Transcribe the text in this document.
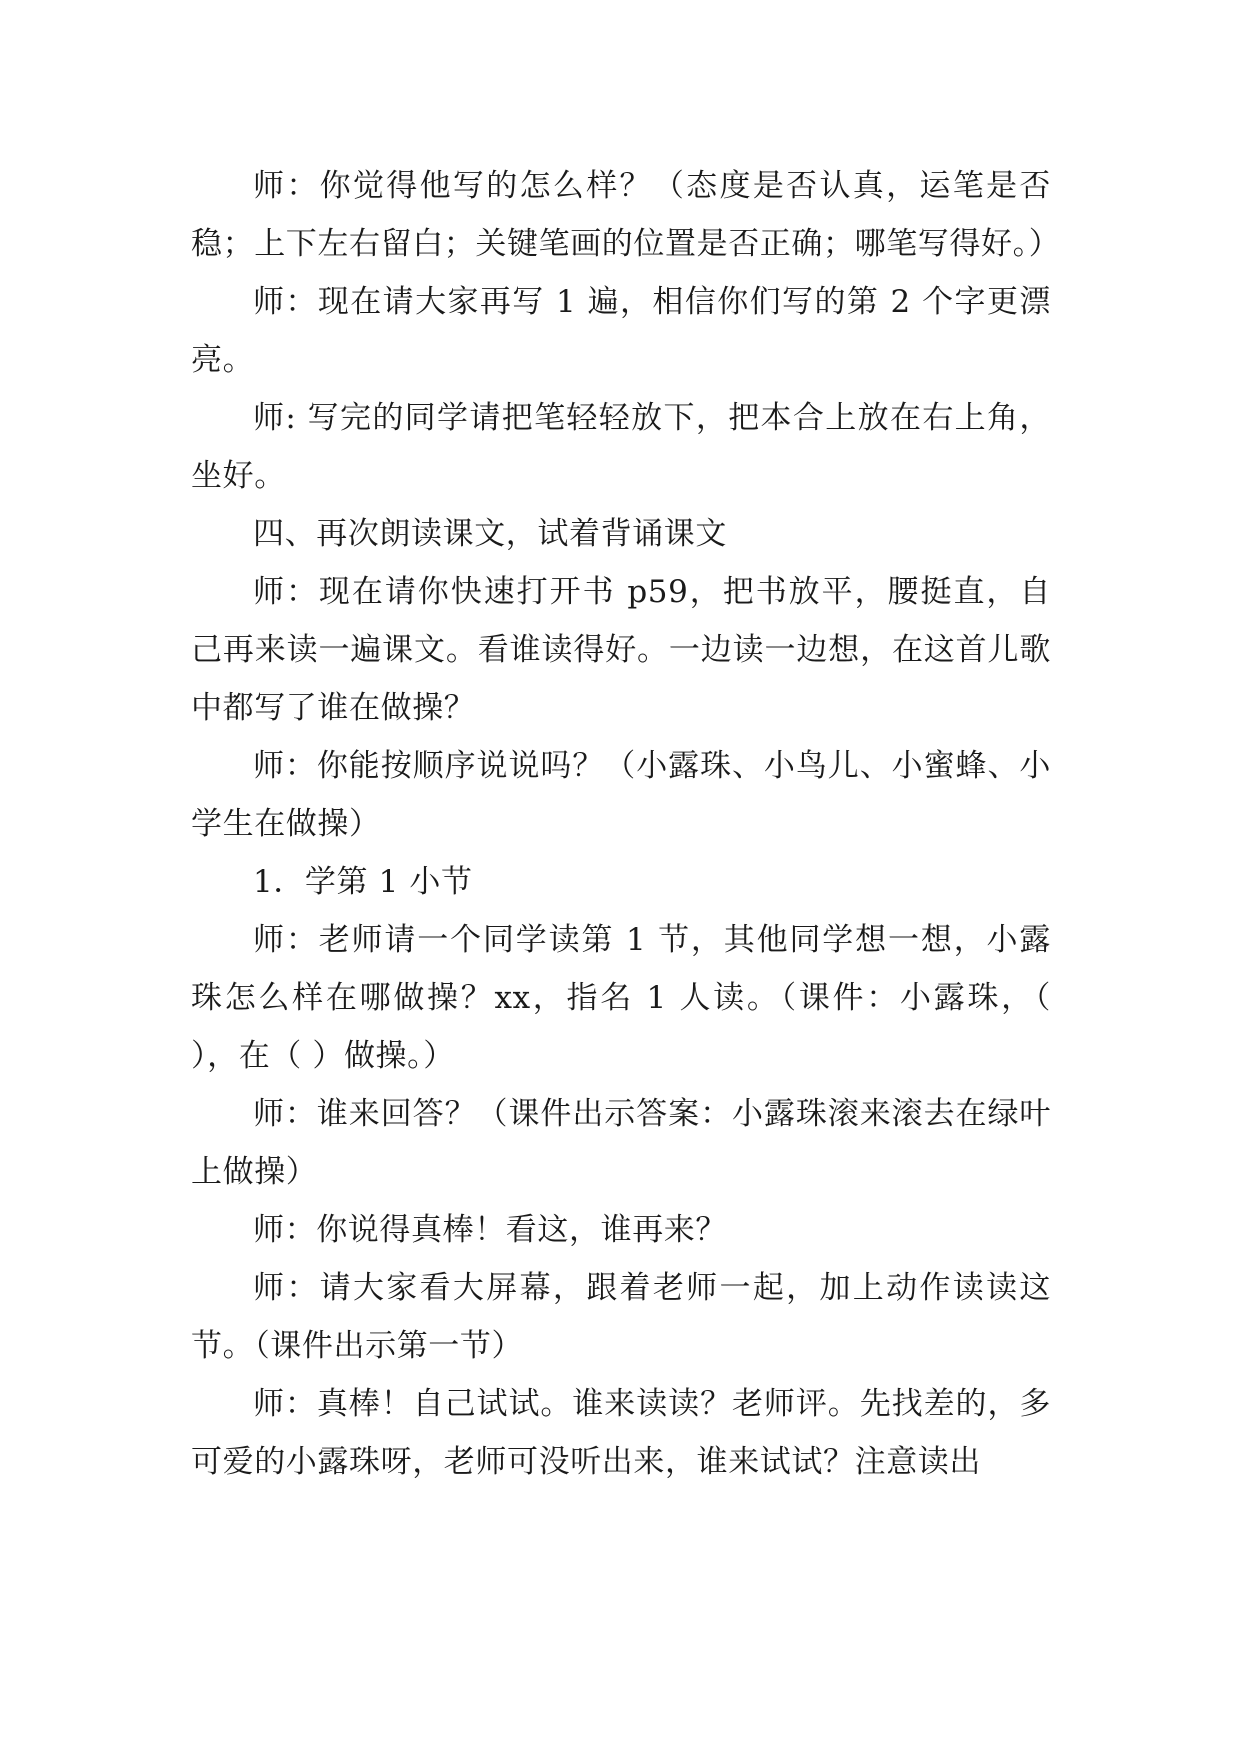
师：你觉得他写的怎么样？（态度是否认真，运笔是否稳；上下左右留白；关键笔画的位置是否正确；哪笔写得好。）

师：现在请大家再写 1 遍，相信你们写的第 2 个字更漂亮。

师: 写完的同学请把笔轻轻放下，把本合上放在右上角，坐好。

四、再次朗读课文，试着背诵课文

师：现在请你快速打开书 p59，把书放平，腰挺直，自己再来读一遍课文。看谁读得好。一边读一边想，在这首儿歌中都写了谁在做操？

师：你能按顺序说说吗？（小露珠、小鸟儿、小蜜蜂、小学生在做操）

1．学第 1 小节

师：老师请一个同学读第 1 节，其他同学想一想，小露珠怎么样在哪做操？xx，指名 1 人读。（课件：小露珠，（ ），在（ ）做操。）

师：谁来回答？（课件出示答案：小露珠滚来滚去在绿叶上做操）

师：你说得真棒！看这，谁再来？

师：请大家看大屏幕，跟着老师一起，加上动作读读这节。（课件出示第一节）

师：真棒！自己试试。谁来读读？老师评。先找差的，多可爱的小露珠呀，老师可没听出来，谁来试试？注意读出
